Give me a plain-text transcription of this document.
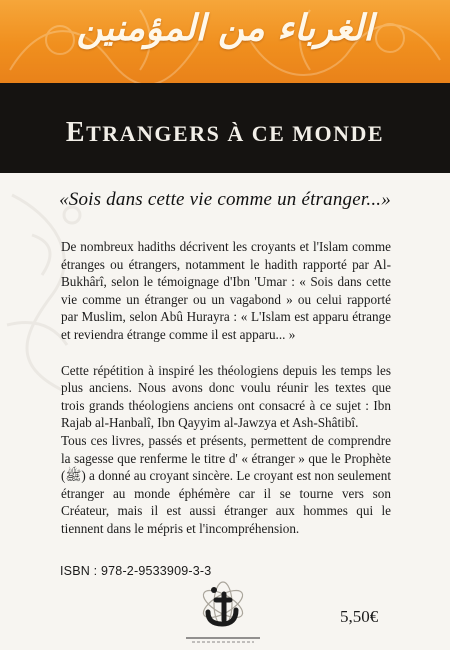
الغرباء من المؤمنين
ETRANGERS À CE MONDE
«Sois dans cette vie comme un étranger...»

De nombreux hadiths décrivent les croyants et l'Islam comme étranges ou étrangers, notamment le hadith rapporté par Al-Bukhârî, selon le témoignage d'Ibn 'Umar : « Sois dans cette vie comme un étranger ou un vagabond » ou celui rapporté par Muslim, selon Abû Hurayra : « L'Islam est apparu étrange et reviendra étrange comme il est apparu... »

Cette répétition à inspiré les théologiens depuis les temps les plus anciens. Nous avons donc voulu réunir les textes que trois grands théologiens anciens ont consacré à ce sujet : Ibn Rajab al-Hanbalî, Ibn Qayyim al-Jawzya et Ash-Shâtibî.

Tous ces livres, passés et présents, permettent de comprendre la sagesse que renferme le titre d' « étranger » que le Prophète (ﷺ) a donné au croyant sincère. Le croyant est non seulement étranger au monde éphémère car il se tourne vers son Créateur, mais il est aussi étranger aux hommes qui le tiennent dans le mépris et l'incompréhension.

ISBN : 978-2-9533909-3-3
5,50€
